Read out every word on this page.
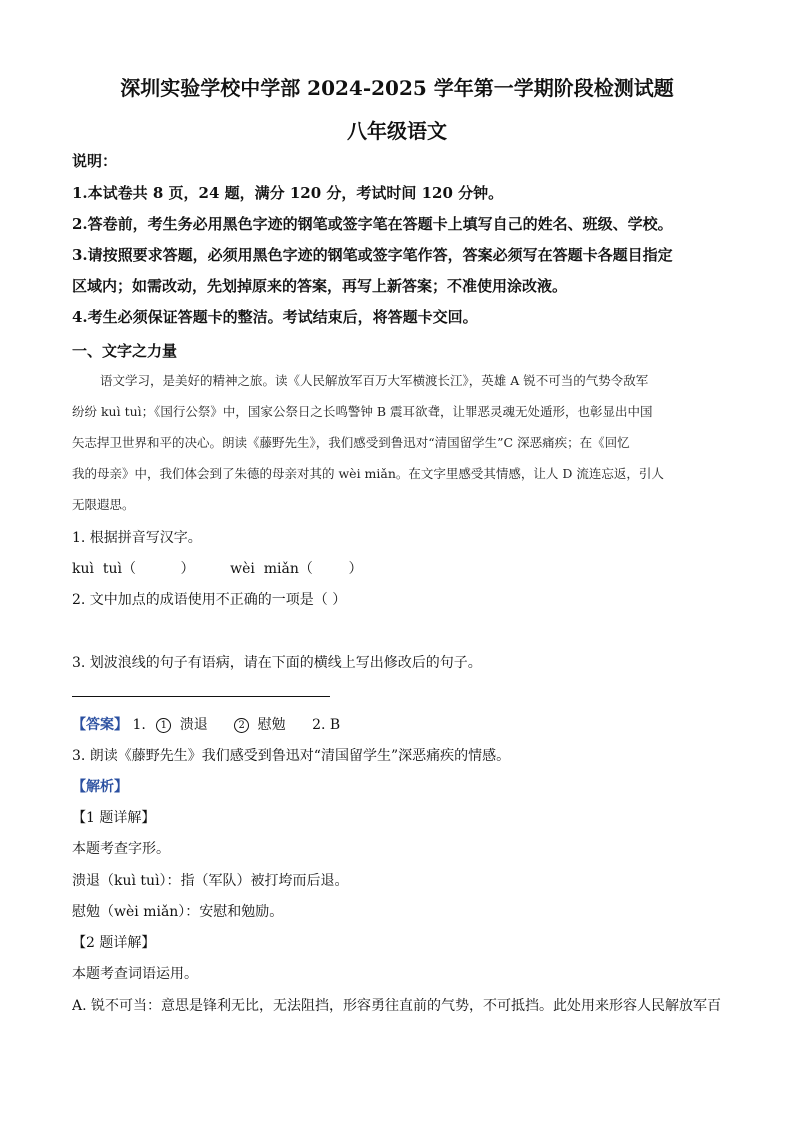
深圳实验学校中学部 2024-2025 学年第一学期阶段检测试题
八年级语文
说明：
1.本试卷共 8 页，24 题，满分 120 分，考试时间 120 分钟。
2.答卷前，考生务必用黑色字迹的钢笔或签字笔在答题卡上填写自己的姓名、班级、学校。
3.请按照要求答题，必须用黑色字迹的钢笔或签字笔作答，答案必须写在答题卡各题目指定
区域内；如需改动，先划掉原来的答案，再写上新答案；不准使用涂改液。
4.考生必须保证答题卡的整洁。考试结束后，将答题卡交回。
一、文字之力量
语文学习，是美好的精神之旅。读《人民解放军百万大军横渡长江》，英雄 A 锐不可当的气势令敌军
纷纷 kuì tuì；《国行公祭》中，国家公祭日之长鸣警钟 B 震耳欲聋，让罪恶灵魂无处遁形，也彰显出中国
矢志捍卫世界和平的决心。朗读《藤野先生》，我们感受到鲁迅对“清国留学生”C 深恶痛疾；在《回忆
我的母亲》中，我们体会到了朱德的母亲对其的 wèi miǎn。在文字里感受其情感，让人 D 流连忘返，引人
无限遐思。
1. 根据拼音写汉字。
kuì  tuì（          ）        wèi  miǎn（        ）
2. 文中加点的成语使用不正确的一项是（ ）
3. 划波浪线的句子有语病，请在下面的横线上写出修改后的句子。
【答案】 1. 1 溃退	2 慰勉 2. B
3. 朗读《藤野先生》我们感受到鲁迅对“清国留学生”深恶痛疾的情感。
【解析】
【1 题详解】
本题考查字形。
溃退（kuì tuì）：指（军队）被打垮而后退。
慰勉（wèi miǎn）：安慰和勉励。
【2 题详解】
本题考查词语运用。
A. 锐不可当：意思是锋利无比，无法阻挡，形容勇往直前的气势，不可抵挡。此处用来形容人民解放军百
